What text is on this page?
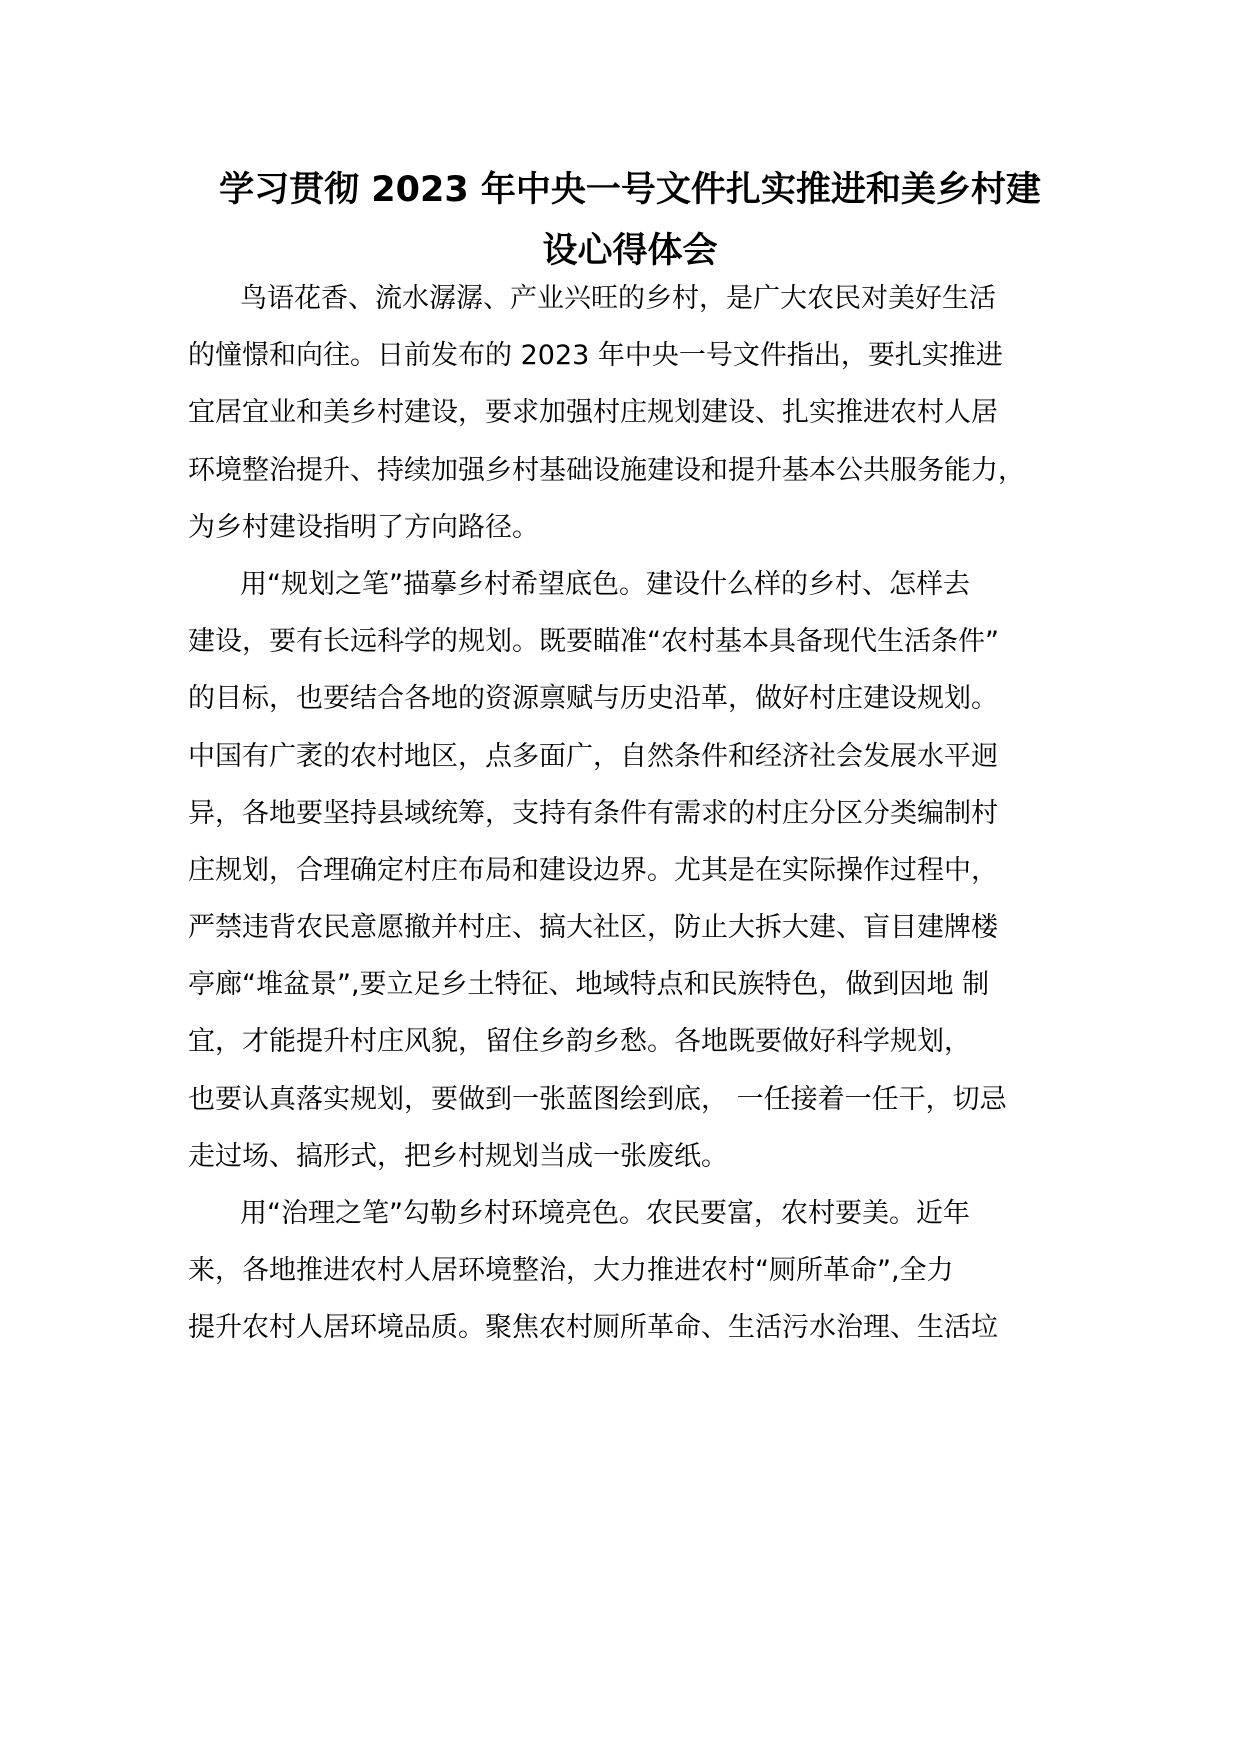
学习贯彻 2023 年中央一号文件扎实推进和美乡村建
设心得体会
鸟语花香、流水潺潺、产业兴旺的乡村，是广大农民对美好生活
的憧憬和向往。日前发布的 2023 年中央一号文件指出，要扎实推进
宜居宜业和美乡村建设，要求加强村庄规划建设、扎实推进农村人居
环境整治提升、持续加强乡村基础设施建设和提升基本公共服务能力，
为乡村建设指明了方向路径。
用“规划之笔”描摹乡村希望底色。建设什么样的乡村、怎样去
建设，要有长远科学的规划。既要瞄准“农村基本具备现代生活条件”
的目标，也要结合各地的资源禀赋与历史沿革，做好村庄建设规划。
中国有广袤的农村地区，点多面广，自然条件和经济社会发展水平迥
异，各地要坚持县域统筹，支持有条件有需求的村庄分区分类编制村
庄规划，合理确定村庄布局和建设边界。尤其是在实际操作过程中，
严禁违背农民意愿撤并村庄、搞大社区，防止大拆大建、盲目建牌楼
亭廊“堆盆景”,要立足乡土特征、地域特点和民族特色，做到因地 制
宜，才能提升村庄风貌，留住乡韵乡愁。各地既要做好科学规划，
也要认真落实规划，要做到一张蓝图绘到底， 一任接着一任干，切忌
走过场、搞形式，把乡村规划当成一张废纸。
用“治理之笔”勾勒乡村环境亮色。农民要富，农村要美。近年
来，各地推进农村人居环境整治，大力推进农村“厕所革命”,全力
提升农村人居环境品质。聚焦农村厕所革命、生活污水治理、生活垃
